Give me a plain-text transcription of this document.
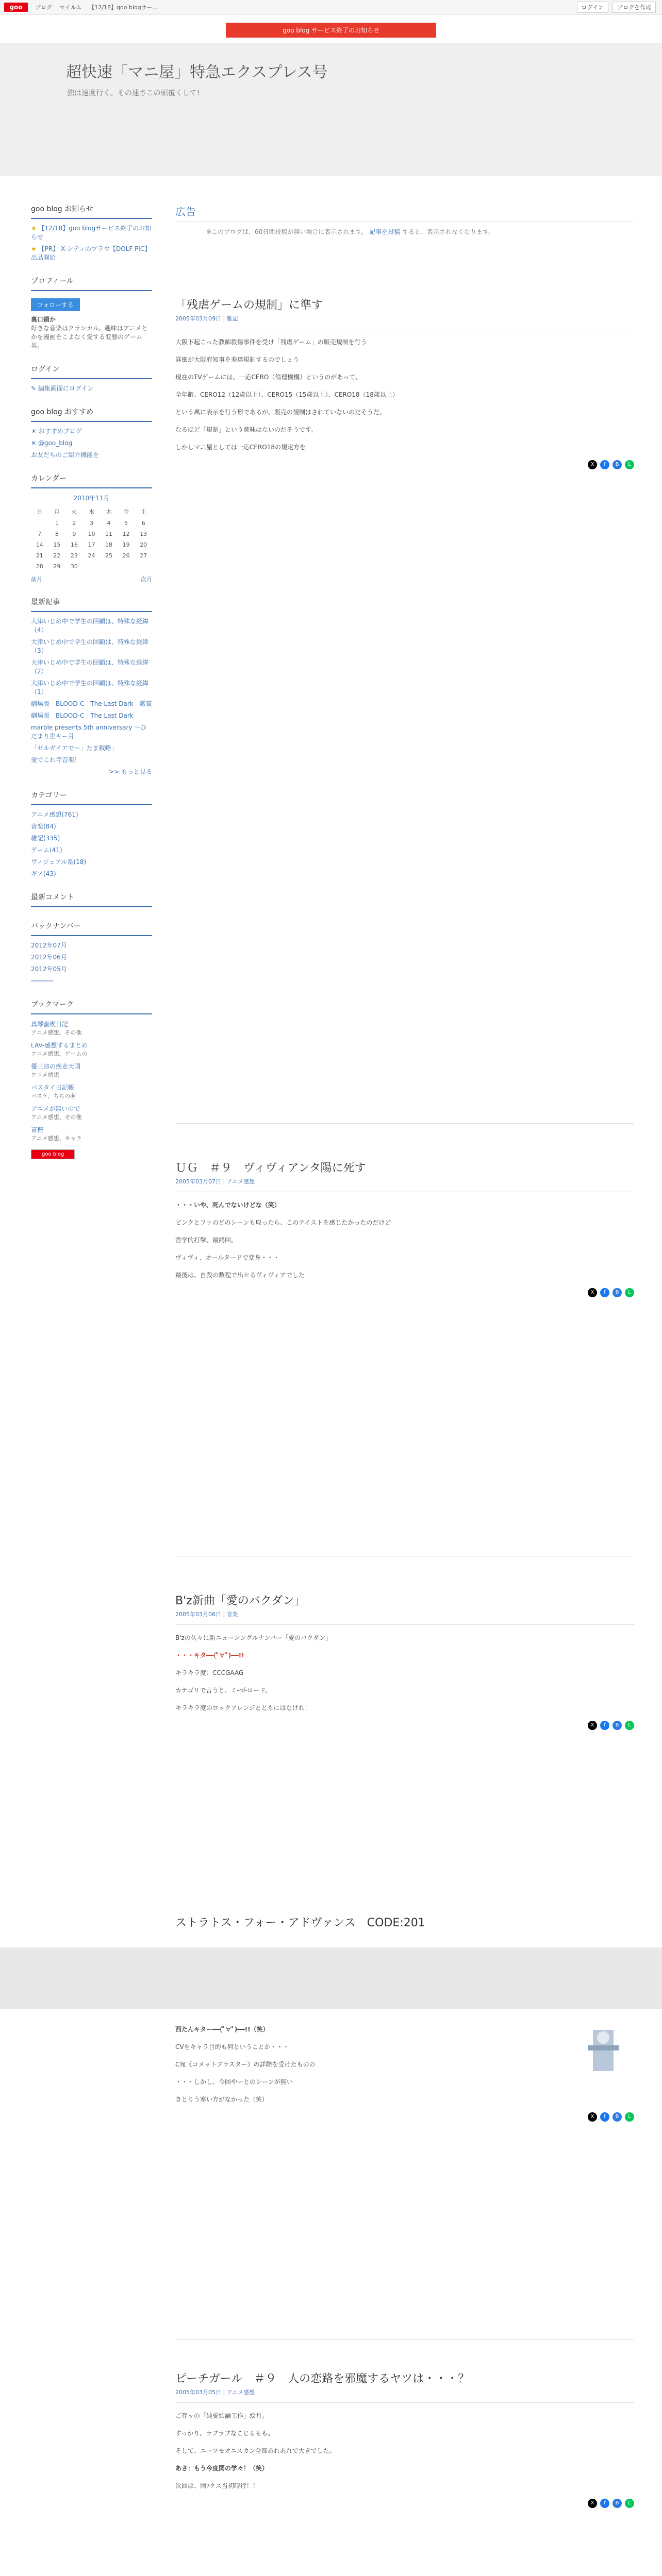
goo	ブログ マイルム 【12/18】goo blogサー…	ログイン	ブログを作成
goo blog サービス終了のお知らせ
超快速「マニ屋」特急エクスプレス号
独は速度行く。その速さこの頭覆くして!
goo blog お知らせ
★ 【12/18】goo blogサービス終了のお知らせ
★ 【PR】 X-シティのブラウ【DOLF PIC】出品開始
プロフィール
フォローする
裏口鎖か
好きな音楽はクラシカル。趣味はアニメとかを漫画をこよなく愛する変態のゲーム男。
ログイン
✎ 編集画面にログイン
goo blog おすすめ
☀ おすすめブログ
✕ @goo_blog
お友だちのご紹介機能を
カレンダー
2010年11月
日	月	火	水	木	金	土
	1	2	3	4	5	6
7	8	9	10	11	12	13
14	15	16	17	18	19	20
21	22	23	24	25	26	27
28	29	30				
前月	次月
最新記事
大津いじめ中で学生の回顧は、特殊な経緯（4）
大津いじめ中で学生の回顧は、特殊な経緯（3）
大津いじめ中で学生の回顧は、特殊な経緯（2）
大津いじめ中で学生の回顧は、特殊な経緯（1）
劇場版　BLOOD-C　The Last Dark　鑑賞
劇場版　BLOOD-C　The Last Dark
marble presents 5th anniversary ～ひだまり世キー月
「ゼルガイアで〜」たま戦略」
愛でこれ寺音楽！
>> もっと見る
カテゴリー
アニメ感想(761)
音楽(84)
雑記(335)
ゲーム(41)
ヴィジュアル系(18)
ギア(43)
最新コメント
バックナンバー
2012年07月
2012年06月
2012年05月
──────
ブックマーク
真琴蜜喫日記
アニメ感想、その他
LAV-感想するまとめ
アニメ感想、ゲームの
優三郎の疾走天国
アニメ感想
バスタイ日記帳
バスケ、ちちの萌
アニメが無いので
アニメ感想、その他
富樫
アニメ感想、キャラ
goo blog
広告
※このブログは、60日間投稿が無い場合に表示されます。 記事を投稿 すると、表示されなくなります。
「残虐ゲームの規制」に準す
2005年03月09日 | 雑記

大阪下起こった教師殺傷事件を受け「残虐ゲーム」の販売規制を行う

詳細が大阪府知事を差達規制するのでしょう

現在のTVゲームには、一応CERO（倫理機構）というのがあって、

全年齢、CERO12（12歳以上）、CERO15（15歳以上）、CERO18（18歳以上）

という風に表示を行う形であるが、販売の規制はされていないのだそうだ。

なるほど「規制」という意味はないのだそうです。

しかしマニ屋としては一応CERO18の規定方を

X	f	B	L
ＵＧ　＃９　ヴィヴィアンタ陽に死す
2005年03月07日 | アニメ感想

・・・いや、死んでないけどな（笑）

ピンクとファのどのシーンも取ったら、このテイストを感じたかったのだけど

哲学的打撃、最終回。

ヴィヴィ、オールタードで変身・・・

最後は、自殺の数程で出セるヴィヴィアでした

X	f	B	L
B'z新曲「愛のバクダン」
2005年03月06日 | 音楽

B'zの久々に新ニューシングルナンバー「愛のバクダン」

・・・キタ━━(ﾟ∀ﾟ)━━!!

キラキラ度：CCCGAAG

カテゴリで言うと、ミ-nf-ロード。

キラキラ度のロックアレンジとともにはなけれ！

X	f	B	L
ストラトス・フォー・アドヴァンス　CODE:201

西たんキター━━(ﾟ∀ﾟ)━━!!（笑）

CVをキャラ目的も何ということか・・・

C宛《コメットブラスター》の詳際を受けたものの

・・・しかし、今回やーとのシーンが無い

きとりう寒い方がなかった（笑）

X	f	B	L
ピーチガール　＃９　人の恋路を邪魔するヤツは・・・？
2005年03月05日 | アニメ感想

ご存ッの「純愛結論工作」絵月。

すっかり、ラブラブなこじるもも。

そして、ニーツモオニスカン全部あれあれで大きでした。

あさ：もう今度関の学々！（笑）

次回は、岡ｿクス当初時行！！

X	f	B	L
